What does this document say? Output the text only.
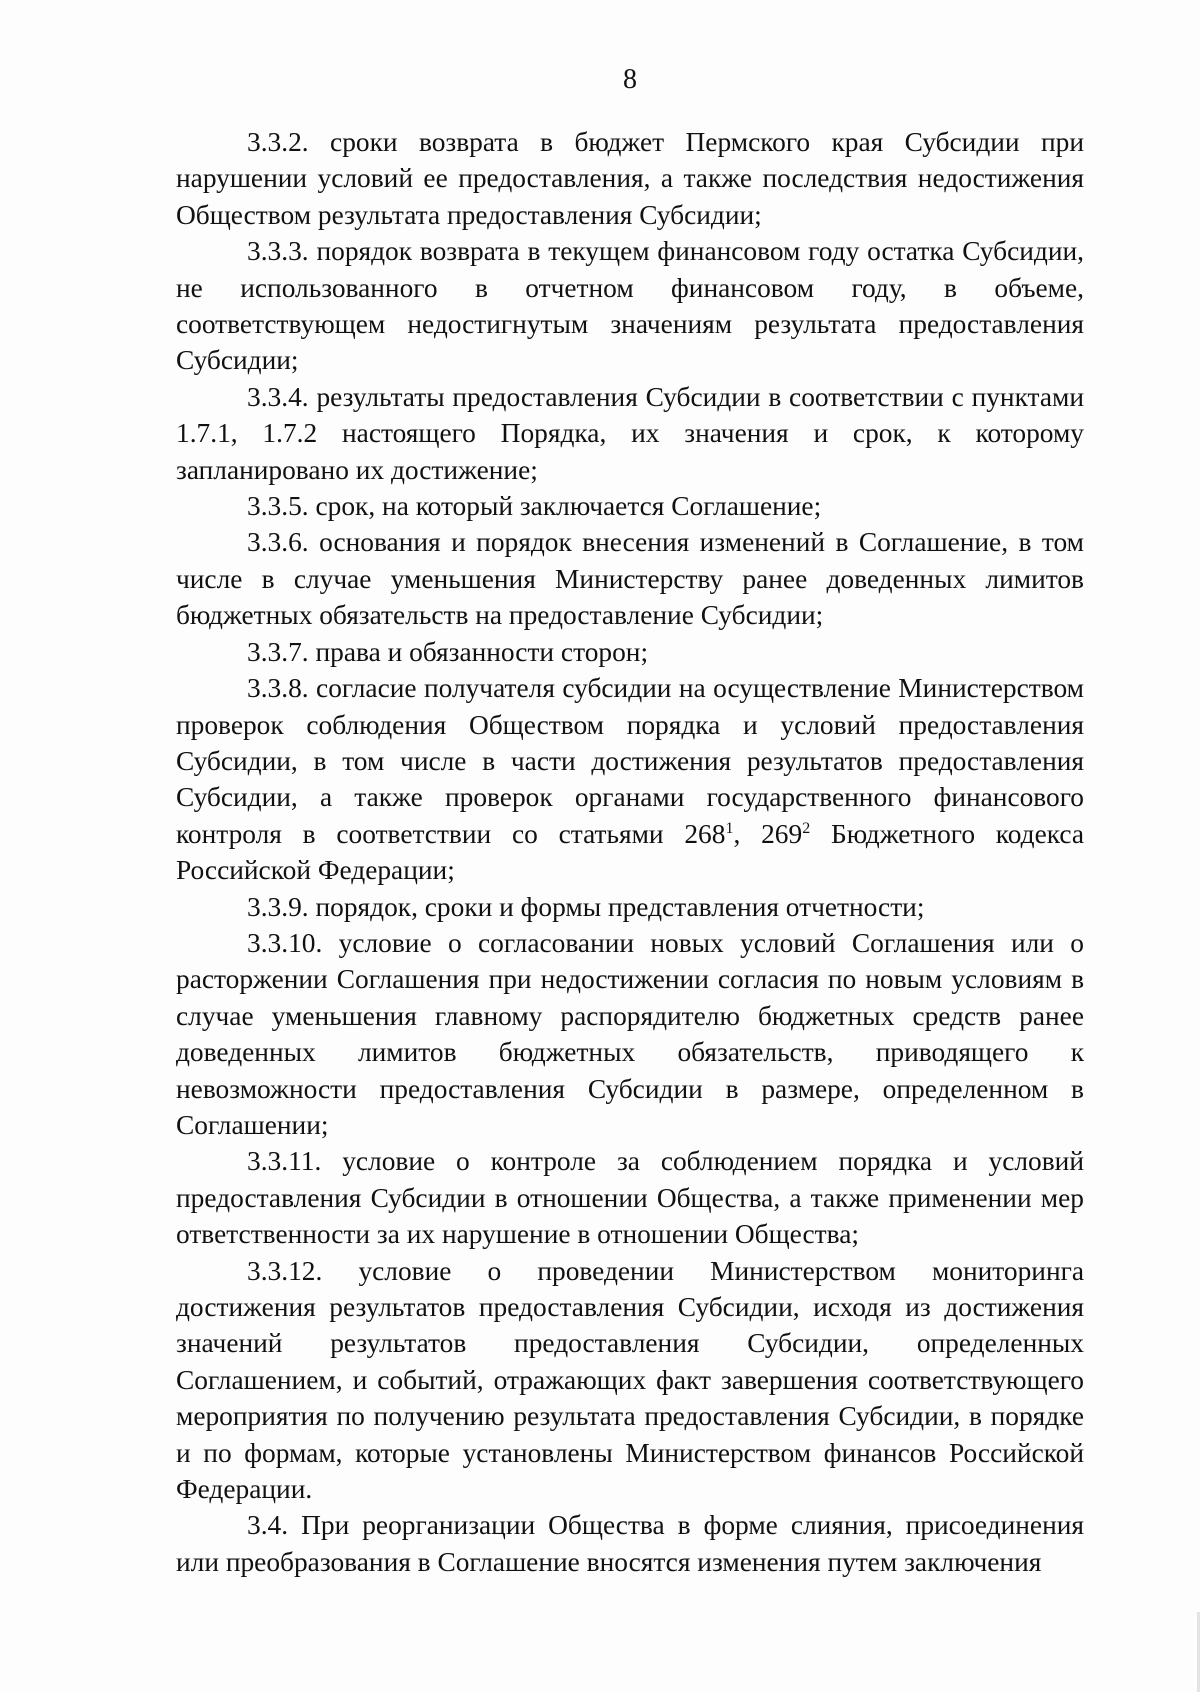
8

3.3.2. сроки возврата в бюджет Пермского края Субсидии при нарушении условий ее предоставления, а также последствия недостижения Обществом результата предоставления Субсидии;

3.3.3. порядок возврата в текущем финансовом году остатка Субсидии, не использованного в отчетном финансовом году, в объеме, соответствующем недостигнутым значениям результата предоставления Субсидии;

3.3.4. результаты предоставления Субсидии в соответствии с пунктами 1.7.1, 1.7.2 настоящего Порядка, их значения и срок, к которому запланировано их достижение;

3.3.5. срок, на который заключается Соглашение;

3.3.6. основания и порядок внесения изменений в Соглашение, в том числе в случае уменьшения Министерству ранее доведенных лимитов бюджетных обязательств на предоставление Субсидии;

3.3.7. права и обязанности сторон;

3.3.8. согласие получателя субсидии на осуществление Министерством проверок соблюдения Обществом порядка и условий предоставления Субсидии, в том числе в части достижения результатов предоставления Субсидии, а также проверок органами государственного финансового контроля в соответствии со статьями $268^1$, $269^2$ Бюджетного кодекса Российской Федерации;

3.3.9. порядок, сроки и формы представления отчетности;

3.3.10. условие о согласовании новых условий Соглашения или о расторжении Соглашения при недостижении согласия по новым условиям в случае уменьшения главному распорядителю бюджетных средств ранее доведенных лимитов бюджетных обязательств, приводящего к невозможности предоставления Субсидии в размере, определенном в Соглашении;

3.3.11. условие о контроле за соблюдением порядка и условий предоставления Субсидии в отношении Общества, а также применении мер ответственности за их нарушение в отношении Общества;

3.3.12. условие о проведении Министерством мониторинга достижения результатов предоставления Субсидии, исходя из достижения значений результатов предоставления Субсидии, определенных Соглашением, и событий, отражающих факт завершения соответствующего мероприятия по получению результата предоставления Субсидии, в порядке и по формам, которые установлены Министерством финансов Российской Федерации.

3.4. При реорганизации Общества в форме слияния, присоединения или преобразования в Соглашение вносятся изменения путем заключения
